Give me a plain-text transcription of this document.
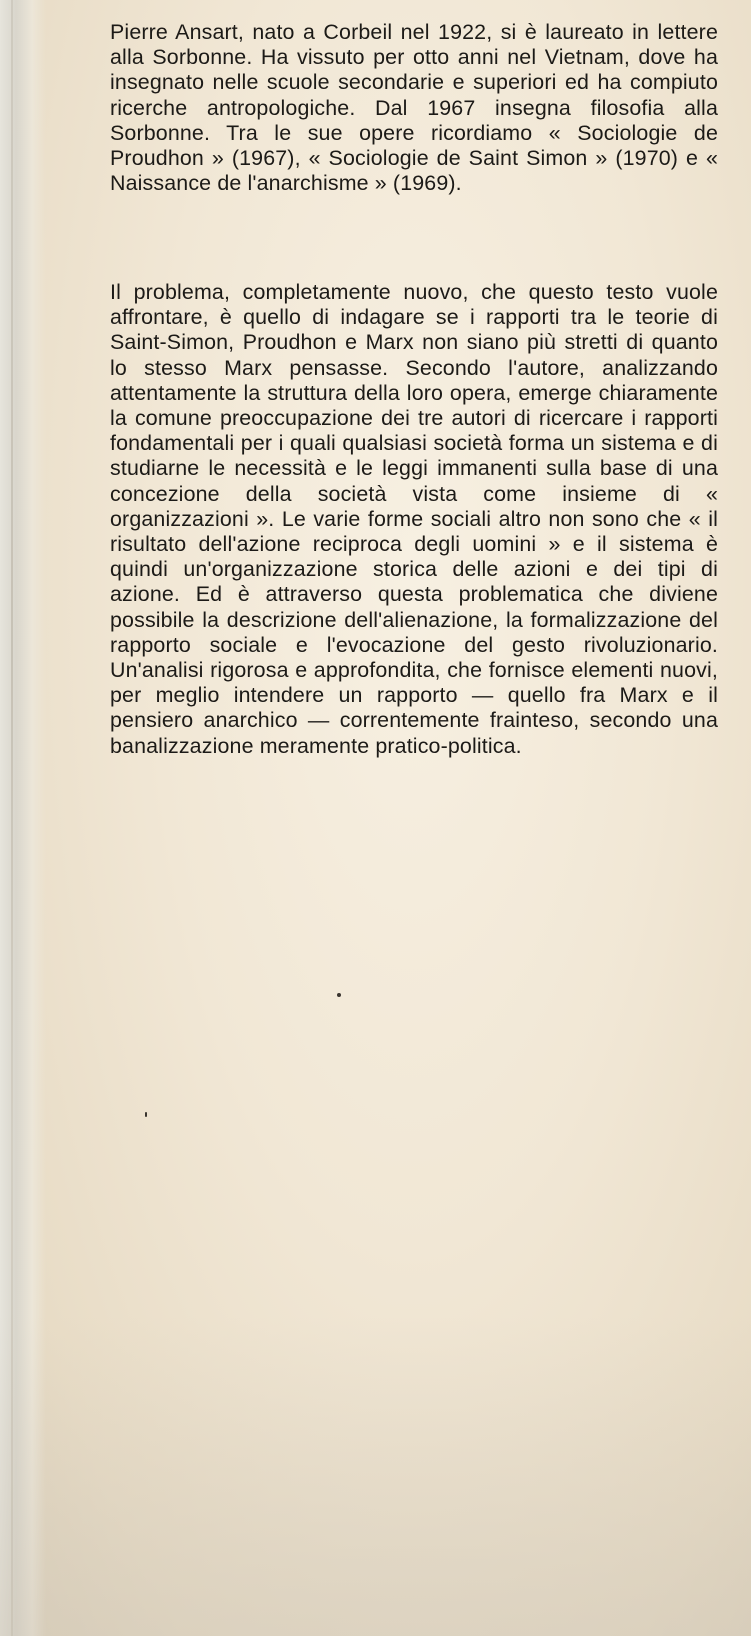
Pierre Ansart, nato a Corbeil nel 1922, si è laureato in lettere alla Sorbonne. Ha vissuto per otto anni nel Vietnam, dove ha insegnato nelle scuole secondarie e superiori ed ha compiuto ricerche antropologiche. Dal 1967 insegna filosofia alla Sorbonne. Tra le sue opere ricordiamo « Sociologie de Proudhon » (1967), « Sociologie de Saint Simon » (1970) e « Naissance de l'anarchisme » (1969).

Il problema, completamente nuovo, che questo testo vuole affrontare, è quello di indagare se i rapporti tra le teorie di Saint-Simon, Proudhon e Marx non siano più stretti di quanto lo stesso Marx pensasse. Secondo l'autore, analizzando attentamente la struttura della loro opera, emerge chiaramente la comune preoccupazione dei tre autori di ricercare i rapporti fondamentali per i quali qualsiasi società forma un sistema e di studiarne le necessità e le leggi immanenti sulla base di una concezione della società vista come insieme di « organizzazioni ». Le varie forme sociali altro non sono che « il risultato dell'azione reciproca degli uomini » e il sistema è quindi un'organizzazione storica delle azioni e dei tipi di azione. Ed è attraverso questa problematica che diviene possibile la descrizione dell'alienazione, la formalizzazione del rapporto sociale e l'evocazione del gesto rivoluzionario. Un'analisi rigorosa e approfondita, che fornisce elementi nuovi, per meglio intendere un rapporto — quello fra Marx e il pensiero anarchico — correntemente frainteso, secondo una banalizzazione meramente pratico-politica.
